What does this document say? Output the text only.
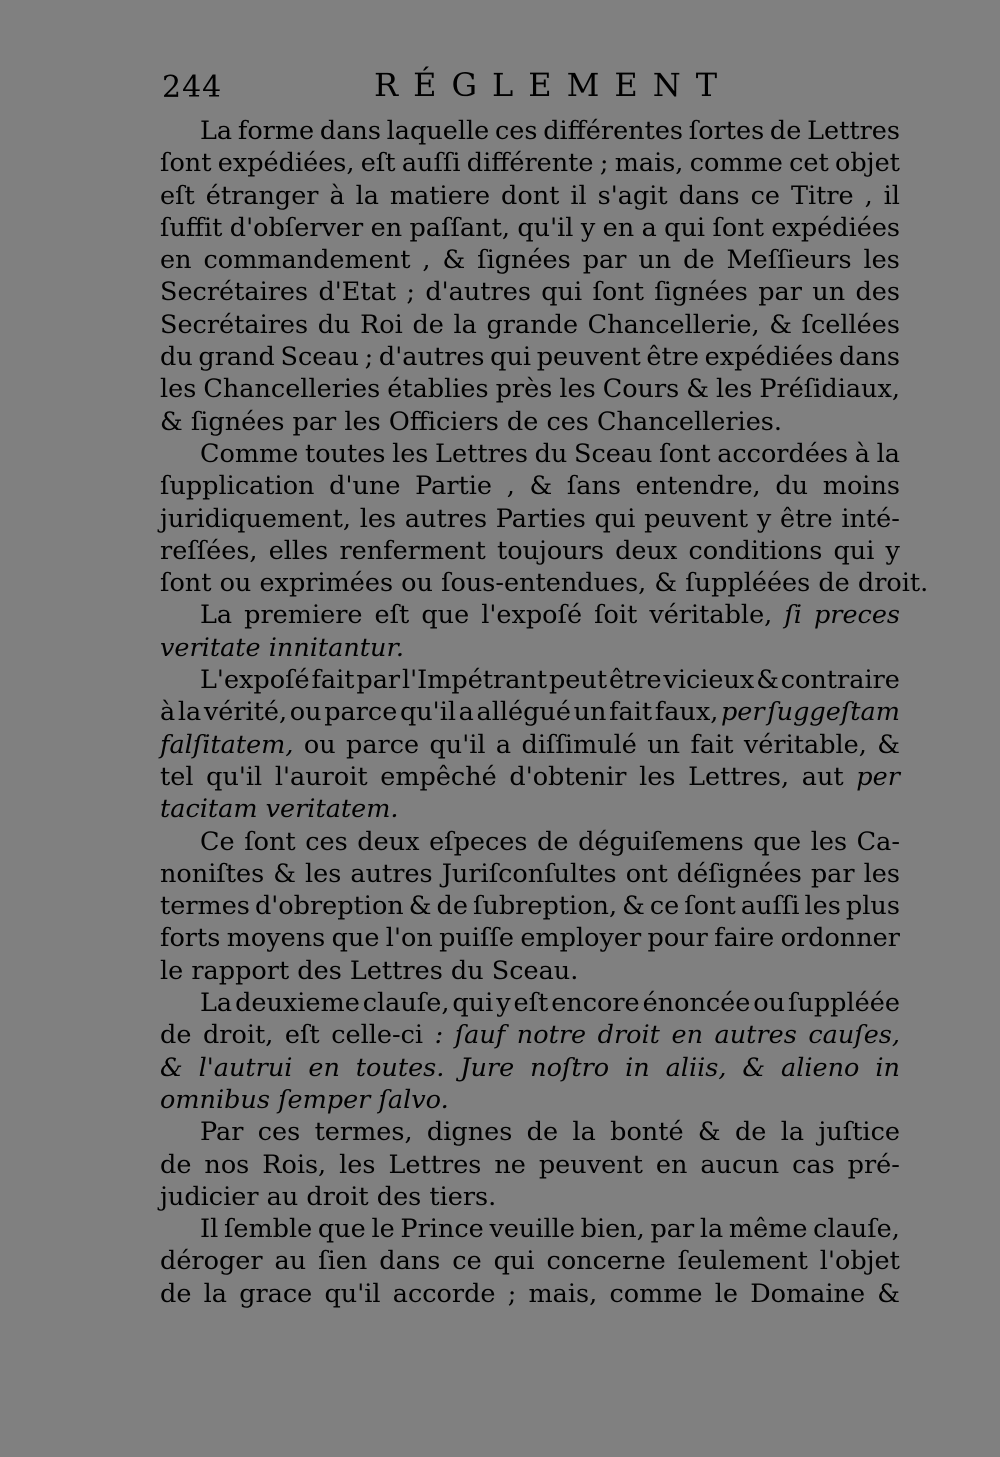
244	RÉGLEMENT
La forme dans laquelle ces différentes ſortes de Lettres
ſont expédiées, eſt auſſi différente ; mais, comme cet objet
eſt étranger à la matiere dont il s'agit dans ce Titre , il
ſuffit d'obſerver en paſſant, qu'il y en a qui ſont expédiées
en commandement , & ſignées par un de Meſſieurs les
Secrétaires d'Etat ; d'autres qui ſont ſignées par un des
Secrétaires du Roi de la grande Chancellerie, & ſcellées
du grand Sceau ; d'autres qui peuvent être expédiées dans
les Chancelleries établies près les Cours & les Préſidiaux,
& ſignées par les Officiers de ces Chancelleries.
Comme toutes les Lettres du Sceau ſont accordées à la
ſupplication d'une Partie , & ſans entendre, du moins
juridiquement, les autres Parties qui peuvent y être inté-
reſſées, elles renferment toujours deux conditions qui y
ſont ou exprimées ou ſous-entendues, & ſuppléées de droit.
La premiere eſt que l'expoſé ſoit véritable, ſi preces
veritate innitantur.
L'expoſé fait par l'Impétrant peut être vicieux & contraire
à la vérité, ou parce qu'il a allégué un fait faux, per ſuggeſtam
falſitatem, ou parce qu'il a diſſimulé un fait véritable, &
tel qu'il l'auroit empêché d'obtenir les Lettres, aut per
tacitam veritatem.
Ce ſont ces deux eſpeces de déguiſemens que les Ca-
noniſtes & les autres Juriſconſultes ont déſignées par les
termes d'obreption & de ſubreption, & ce ſont auſſi les plus
forts moyens que l'on puiſſe employer pour faire ordonner
le rapport des Lettres du Sceau.
La deuxieme clauſe, qui y eſt encore énoncée ou ſuppléée
de droit, eſt celle-ci : ſauf notre droit en autres cauſes,
& l'autrui en toutes. Jure noſtro in aliis, & alieno in
omnibus ſemper ſalvo.
Par ces termes, dignes de la bonté & de la juſtice
de nos Rois, les Lettres ne peuvent en aucun cas pré-
judicier au droit des tiers.
Il ſemble que le Prince veuille bien, par la même clauſe,
déroger au ſien dans ce qui concerne ſeulement l'objet
de la grace qu'il accorde ; mais, comme le Domaine &
